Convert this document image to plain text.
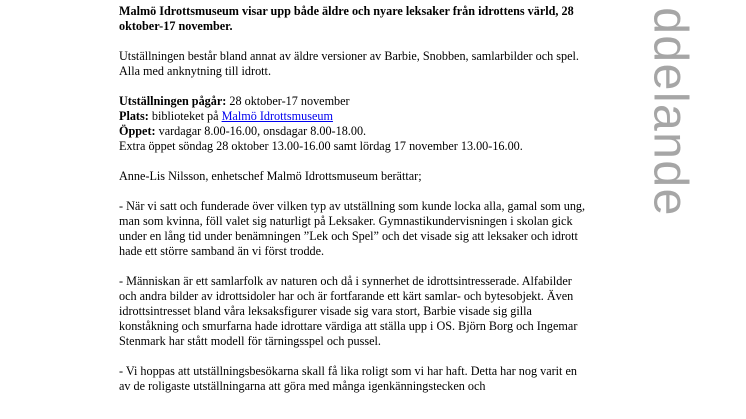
Malmö Idrottsmuseum visar upp både äldre och nyare leksaker från idrottens värld, 28 oktober-17 november.

Utställningen består bland annat av äldre versioner av Barbie, Snobben, samlarbilder och spel. Alla med anknytning till idrott.

Utställningen pågår: 28 oktober-17 november
Plats: biblioteket på Malmö Idrottsmuseum
Öppet: vardagar 8.00-16.00, onsdagar 8.00-18.00.
Extra öppet söndag 28 oktober 13.00-16.00 samt lördag 17 november 13.00-16.00.

Anne-Lis Nilsson, enhetschef Malmö Idrottsmuseum berättar;

- När vi satt och funderade över vilken typ av utställning som kunde locka alla, gamal som ung, man som kvinna, föll valet sig naturligt på Leksaker. Gymnastikundervisningen i skolan gick under en lång tid under benämningen ”Lek och Spel” och det visade sig att leksaker och idrott hade ett större samband än vi först trodde.

- Människan är ett samlarfolk av naturen och då i synnerhet de idrottsintresserade. Alfabilder och andra bilder av idrottsidoler har och är fortfarande ett kärt samlar- och bytesobjekt. Även idrottsintresset bland våra leksaksfigurer visade sig vara stort, Barbie visade sig gilla konståkning och smurfarna hade idrottare värdiga att ställa upp i OS. Björn Borg och Ingemar Stenmark har stått modell för tärningsspel och pussel.

- Vi hoppas att utställningsbesökarna skall få lika roligt som vi har haft. Detta har nog varit en av de roligaste utställningarna att göra med många igenkänningstecken och

ddelande
